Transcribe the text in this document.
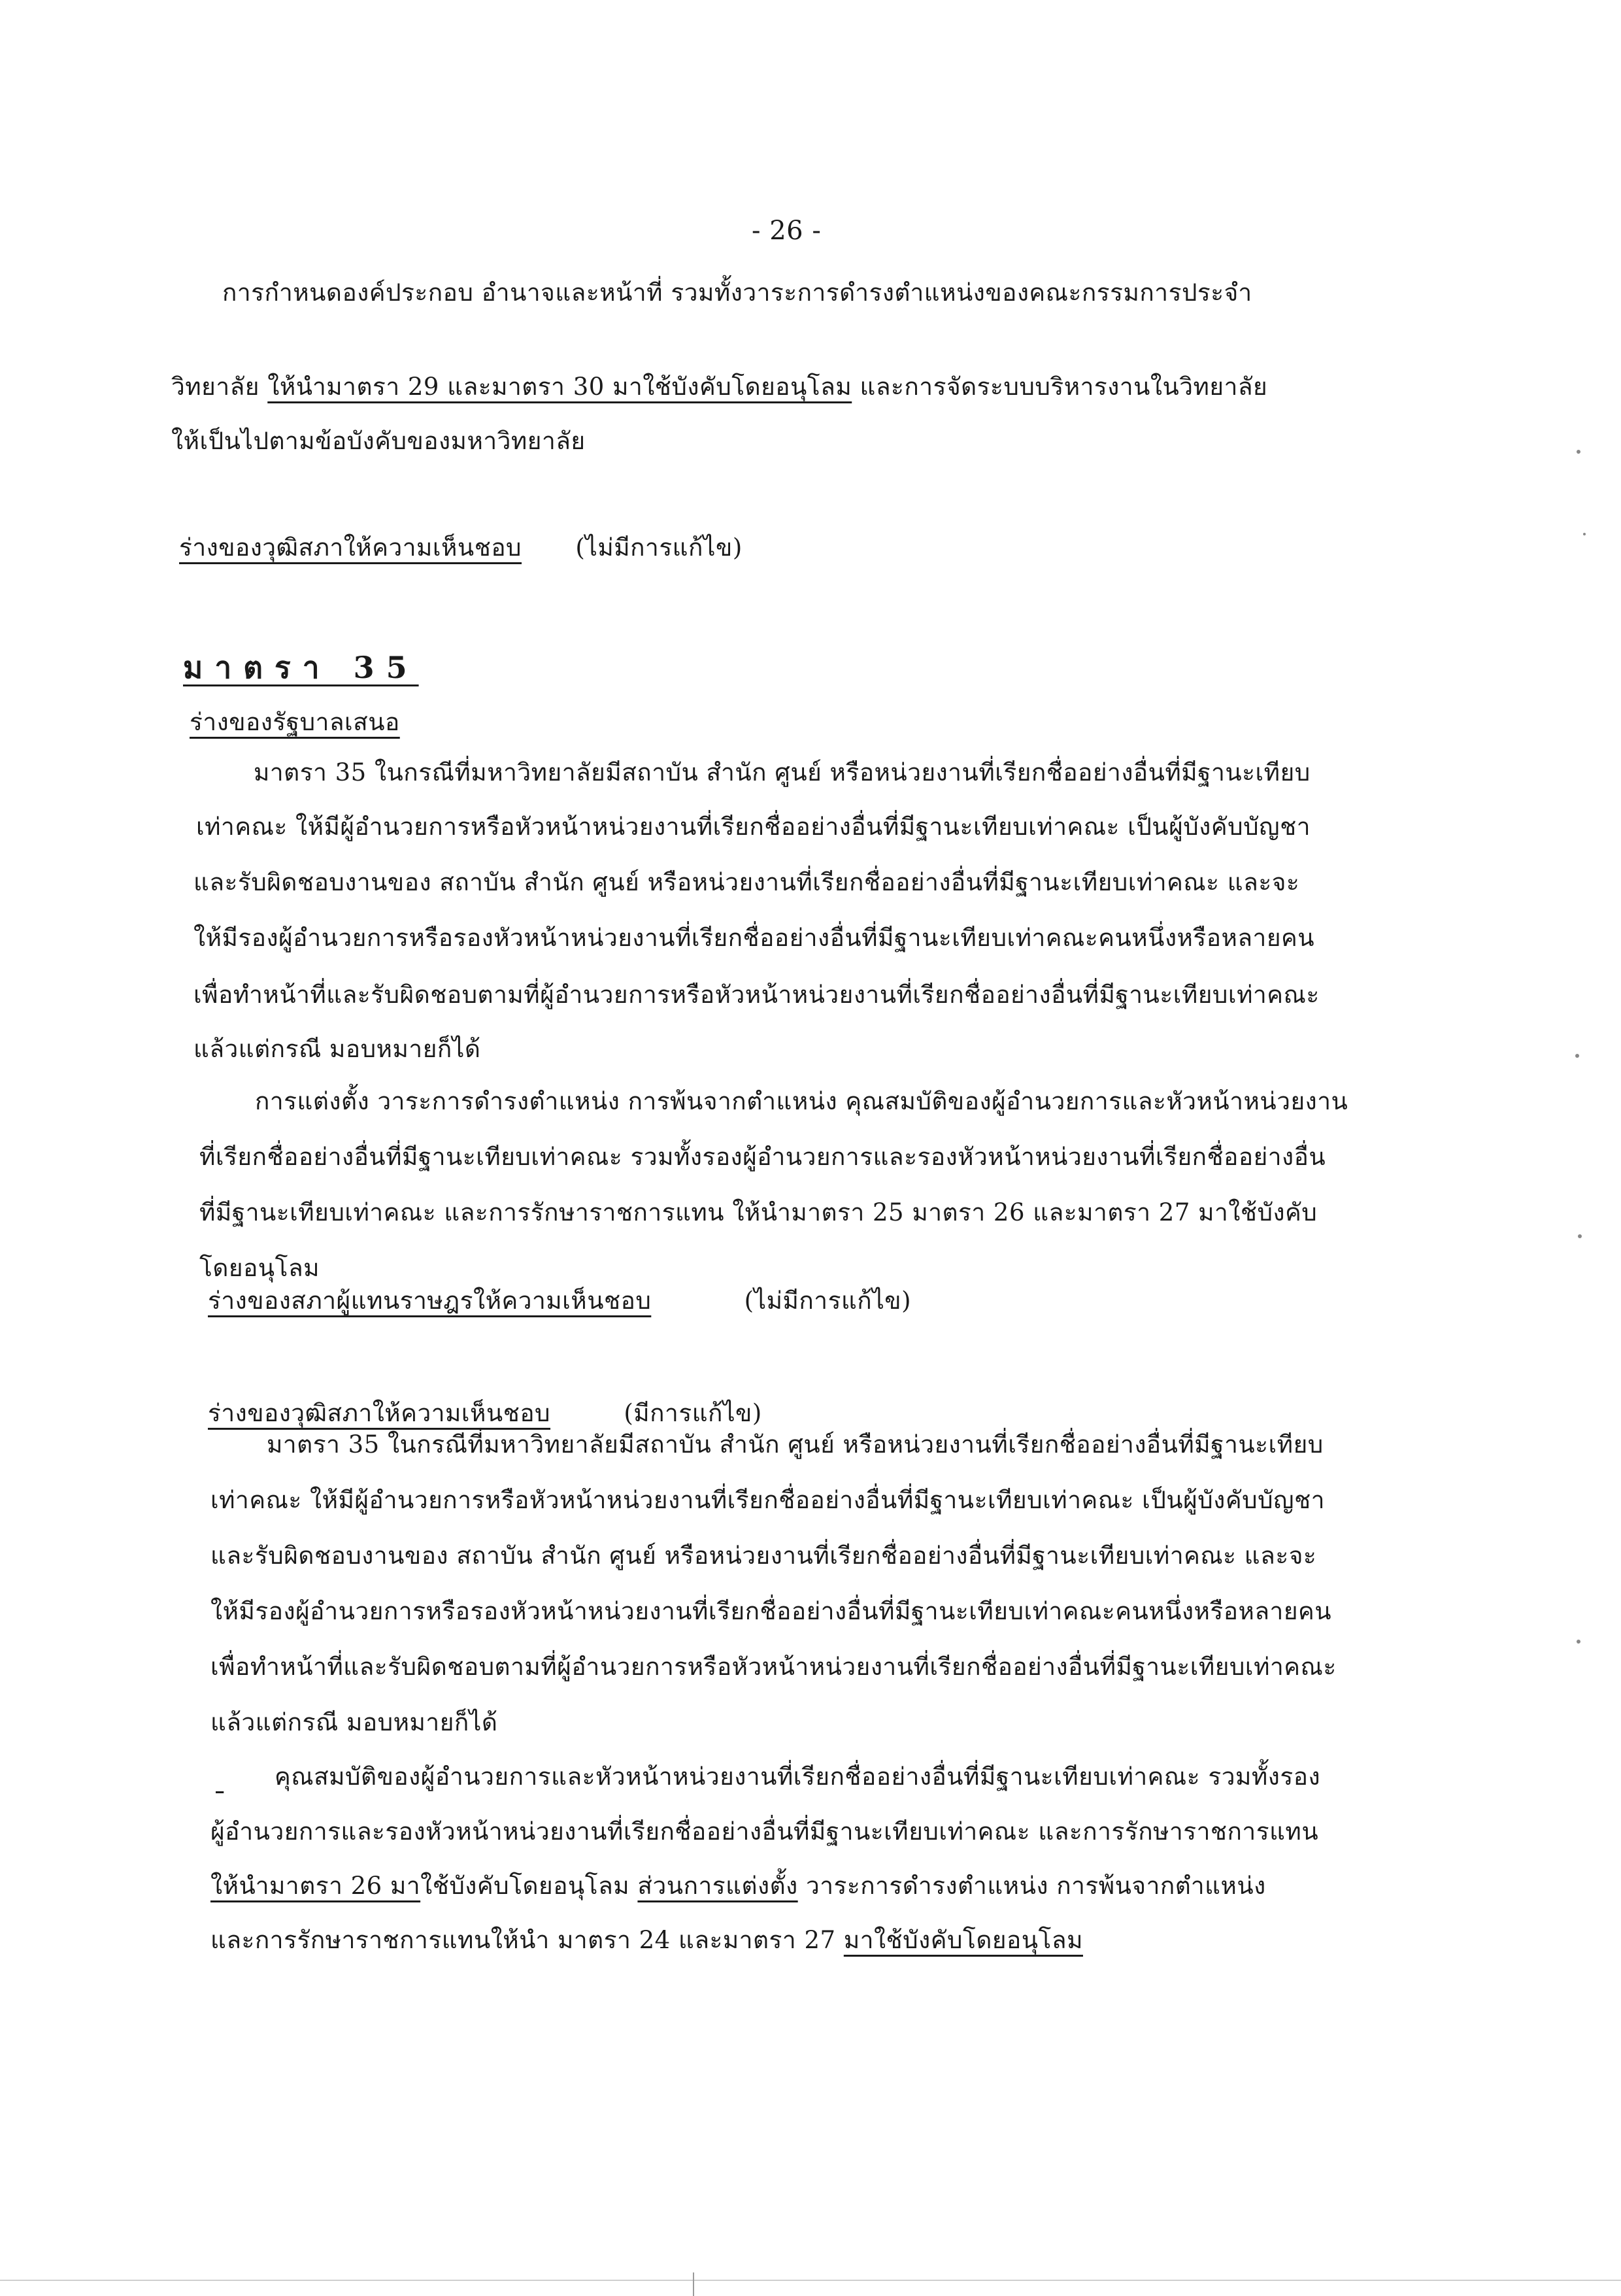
- 26 -
การกำหนดองค์ประกอบ อำนาจและหน้าที่ รวมทั้งวาระการดำรงตำแหน่งของคณะกรรมการประจำ
วิทยาลัย ให้นำมาตรา 29 และมาตรา 30 มาใช้บังคับโดยอนุโลม และการจัดระบบบริหารงานในวิทยาลัย
ให้เป็นไปตามข้อบังคับของมหาวิทยาลัย
ร่างของวุฒิสภาให้ความเห็นชอบ (ไม่มีการแก้ไข)
มาตรา 35
ร่างของรัฐบาลเสนอ
มาตรา 35 ในกรณีที่มหาวิทยาลัยมีสถาบัน สำนัก ศูนย์ หรือหน่วยงานที่เรียกชื่ออย่างอื่นที่มีฐานะเทียบ
เท่าคณะ ให้มีผู้อำนวยการหรือหัวหน้าหน่วยงานที่เรียกชื่ออย่างอื่นที่มีฐานะเทียบเท่าคณะ เป็นผู้บังคับบัญชา
และรับผิดชอบงานของ สถาบัน สำนัก ศูนย์ หรือหน่วยงานที่เรียกชื่ออย่างอื่นที่มีฐานะเทียบเท่าคณะ และจะ
ให้มีรองผู้อำนวยการหรือรองหัวหน้าหน่วยงานที่เรียกชื่ออย่างอื่นที่มีฐานะเทียบเท่าคณะคนหนึ่งหรือหลายคน
เพื่อทำหน้าที่และรับผิดชอบตามที่ผู้อำนวยการหรือหัวหน้าหน่วยงานที่เรียกชื่ออย่างอื่นที่มีฐานะเทียบเท่าคณะ
แล้วแต่กรณี มอบหมายก็ได้
การแต่งตั้ง วาระการดำรงตำแหน่ง การพ้นจากตำแหน่ง คุณสมบัติของผู้อำนวยการและหัวหน้าหน่วยงาน
ที่เรียกชื่ออย่างอื่นที่มีฐานะเทียบเท่าคณะ รวมทั้งรองผู้อำนวยการและรองหัวหน้าหน่วยงานที่เรียกชื่ออย่างอื่น
ที่มีฐานะเทียบเท่าคณะ และการรักษาราชการแทน ให้นำมาตรา 25 มาตรา 26 และมาตรา 27 มาใช้บังคับ
โดยอนุโลม
ร่างของสภาผู้แทนราษฎรให้ความเห็นชอบ	(ไม่มีการแก้ไข)
ร่างของวุฒิสภาให้ความเห็นชอบ	(มีการแก้ไข)
มาตรา 35 ในกรณีที่มหาวิทยาลัยมีสถาบัน สำนัก ศูนย์ หรือหน่วยงานที่เรียกชื่ออย่างอื่นที่มีฐานะเทียบ
เท่าคณะ ให้มีผู้อำนวยการหรือหัวหน้าหน่วยงานที่เรียกชื่ออย่างอื่นที่มีฐานะเทียบเท่าคณะ เป็นผู้บังคับบัญชา
และรับผิดชอบงานของ สถาบัน สำนัก ศูนย์ หรือหน่วยงานที่เรียกชื่ออย่างอื่นที่มีฐานะเทียบเท่าคณะ และจะ
ให้มีรองผู้อำนวยการหรือรองหัวหน้าหน่วยงานที่เรียกชื่ออย่างอื่นที่มีฐานะเทียบเท่าคณะคนหนึ่งหรือหลายคน
เพื่อทำหน้าที่และรับผิดชอบตามที่ผู้อำนวยการหรือหัวหน้าหน่วยงานที่เรียกชื่ออย่างอื่นที่มีฐานะเทียบเท่าคณะ
แล้วแต่กรณี มอบหมายก็ได้
คุณสมบัติของผู้อำนวยการและหัวหน้าหน่วยงานที่เรียกชื่ออย่างอื่นที่มีฐานะเทียบเท่าคณะ รวมทั้งรอง
ผู้อำนวยการและรองหัวหน้าหน่วยงานที่เรียกชื่ออย่างอื่นที่มีฐานะเทียบเท่าคณะ และการรักษาราชการแทน
ให้นำมาตรา 26 มาใช้บังคับโดยอนุโลม ส่วนการแต่งตั้ง วาระการดำรงตำแหน่ง การพ้นจากตำแหน่ง
และการรักษาราชการแทนให้นำ มาตรา 24 และมาตรา 27 มาใช้บังคับโดยอนุโลม
